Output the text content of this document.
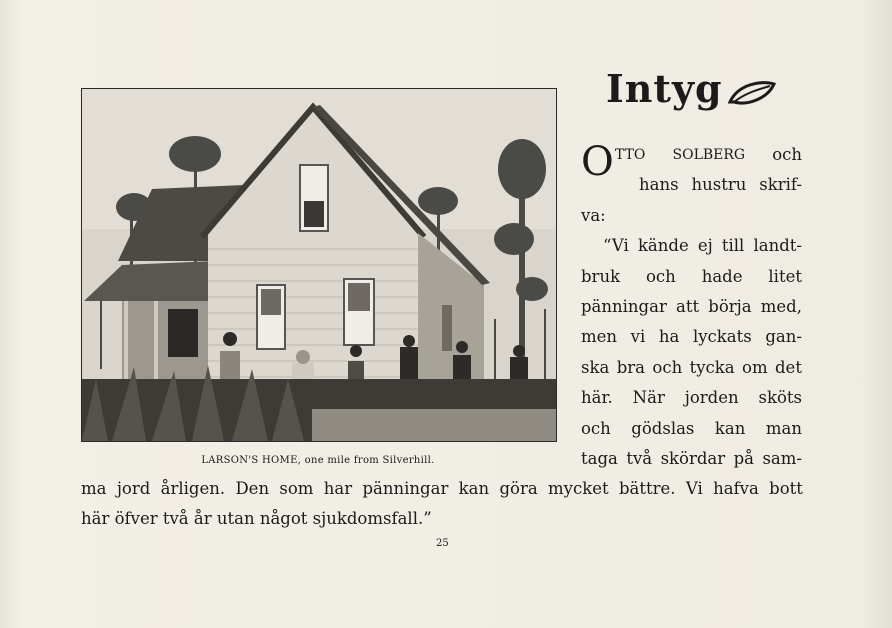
LARSON'S HOME, one mile from Silverhill.
Intyg
O TTO SOLBERG och
hans hustru skrif-
va:
“Vi kände ej till landt-
bruk och hade litet
pänningar att börja med,
men vi ha lyckats gan-
ska bra och tycka om det
här. När jorden sköts
och gödslas kan man
taga två skördar på sam-
ma jord årligen. Den som har pänningar kan göra mycket bättre. Vi hafva bott
här öfver två år utan något sjukdomsfall.”
25
